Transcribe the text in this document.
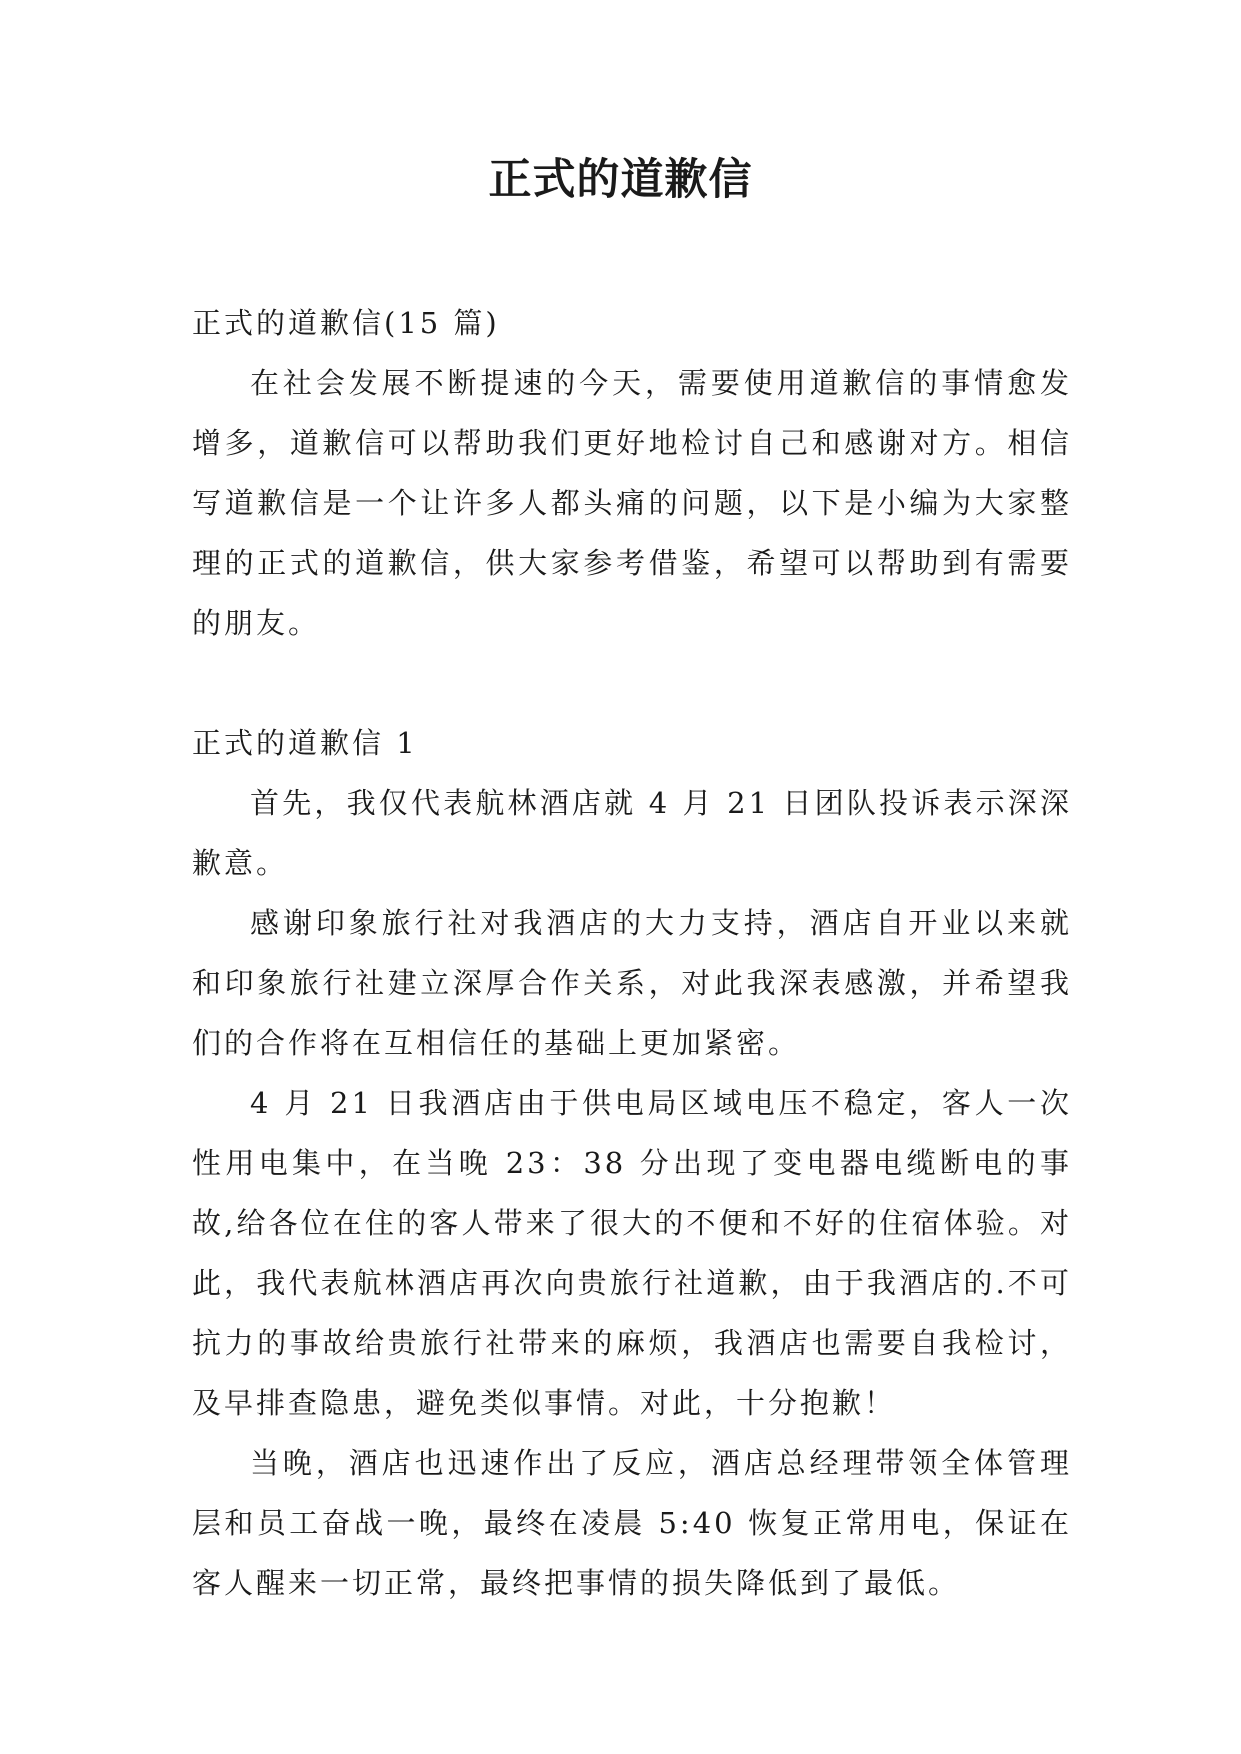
正式的道歉信

正式的道歉信(15 篇)

在社会发展不断提速的今天，需要使用道歉信的事情愈发增多，道歉信可以帮助我们更好地检讨自己和感谢对方。相信写道歉信是一个让许多人都头痛的问题，以下是小编为大家整理的正式的道歉信，供大家参考借鉴，希望可以帮助到有需要的朋友。

正式的道歉信 1

首先，我仅代表航林酒店就 4 月 21 日团队投诉表示深深歉意。

感谢印象旅行社对我酒店的大力支持，酒店自开业以来就和印象旅行社建立深厚合作关系，对此我深表感激，并希望我们的合作将在互相信任的基础上更加紧密。

4 月 21 日我酒店由于供电局区域电压不稳定，客人一次性用电集中，在当晚 23：38 分出现了变电器电缆断电的事故,给各位在住的客人带来了很大的不便和不好的住宿体验。对此，我代表航林酒店再次向贵旅行社道歉，由于我酒店的.不可抗力的事故给贵旅行社带来的麻烦，我酒店也需要自我检讨，及早排查隐患，避免类似事情。对此，十分抱歉！

当晚，酒店也迅速作出了反应，酒店总经理带领全体管理层和员工奋战一晚，最终在凌晨 5:40 恢复正常用电，保证在客人醒来一切正常，最终把事情的损失降低到了最低。
